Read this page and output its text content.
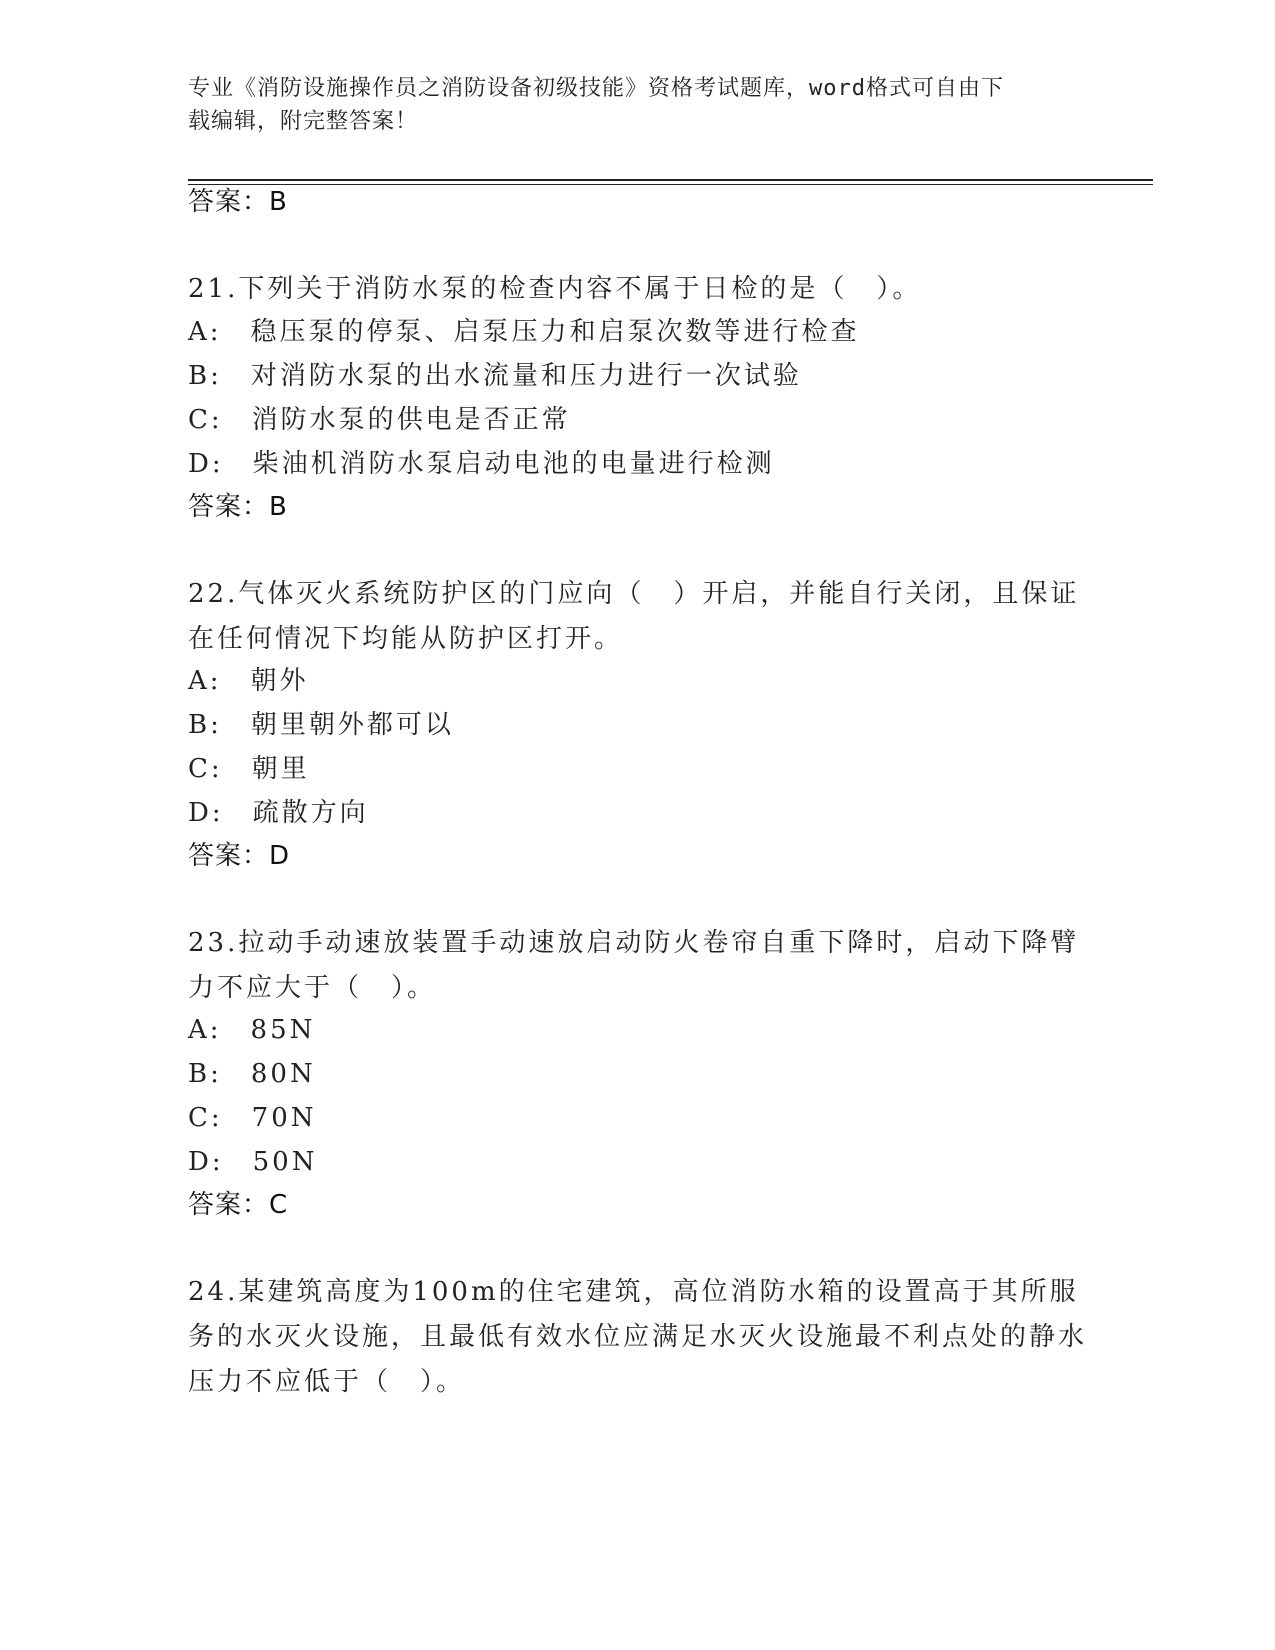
专业《消防设施操作员之消防设备初级技能》资格考试题库，word格式可自由下
载编辑，附完整答案！
答案：B
21.下列关于消防水泵的检查内容不属于日检的是（　）。
A:　稳压泵的停泵、启泵压力和启泵次数等进行检查
B:　对消防水泵的出水流量和压力进行一次试验
C:　消防水泵的供电是否正常
D:　柴油机消防水泵启动电池的电量进行检测
答案：B
22.气体灭火系统防护区的门应向（　）开启，并能自行关闭，且保证在任何情况下均能从防护区打开。
A:　朝外
B:　朝里朝外都可以
C:　朝里
D:　疏散方向
答案：D
23.拉动手动速放装置手动速放启动防火卷帘自重下降时，启动下降臂力不应大于（　）。
A:　85N
B:　80N
C:　70N
D:　50N
答案：C
24.某建筑高度为100m的住宅建筑，高位消防水箱的设置高于其所服务的水灭火设施，且最低有效水位应满足水灭火设施最不利点处的静水压力不应低于（　）。
